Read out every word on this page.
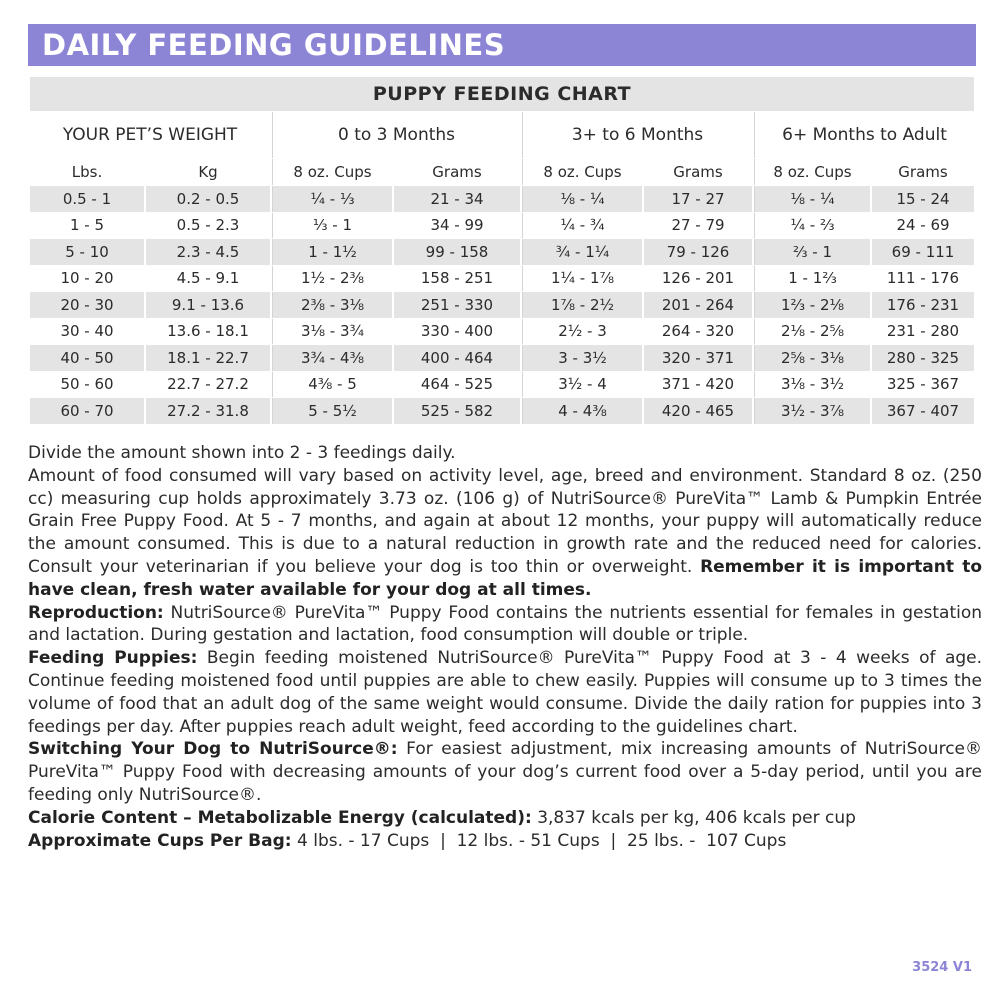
DAILY FEEDING GUIDELINES
PUPPY FEEDING CHART							
YOUR PET’S WEIGHT		0 to 3 Months		3+ to 6 Months		6+ Months to Adult	
Lbs.	Kg	8 oz. Cups	Grams	8 oz. Cups	Grams	8 oz. Cups	Grams
0.5 - 1	0.2 - 0.5	¼ - ⅓	21 - 34	⅛ - ¼	17 - 27	⅛ - ¼	15 - 24
1 - 5	0.5 - 2.3	⅓ - 1	34 - 99	¼ - ¾	27 - 79	¼ - ⅔	24 - 69
5 - 10	2.3 - 4.5	1 - 1½	99 - 158	¾ - 1¼	79 - 126	⅔ - 1	69 - 111
10 - 20	4.5 - 9.1	1½ - 2⅜	158 - 251	1¼ - 1⅞	126 - 201	1 - 1⅔	111 - 176
20 - 30	9.1 - 13.6	2⅜ - 3⅛	251 - 330	1⅞ - 2½	201 - 264	1⅔ - 2⅛	176 - 231
30 - 40	13.6 - 18.1	3⅛ - 3¾	330 - 400	2½ - 3	264 - 320	2⅛ - 2⅝	231 - 280
40 - 50	18.1 - 22.7	3¾ - 4⅜	400 - 464	3 - 3½	320 - 371	2⅝ - 3⅛	280 - 325
50 - 60	22.7 - 27.2	4⅜ - 5	464 - 525	3½ - 4	371 - 420	3⅛ - 3½	325 - 367
60 - 70	27.2 - 31.8	5 - 5½	525 - 582	4 - 4⅜	420 - 465	3½ - 3⅞	367 - 407

Divide the amount shown into 2 - 3 feedings daily.

Amount of food consumed will vary based on activity level, age, breed and environment. Standard 8 oz. (250 cc) measuring cup holds approximately 3.73 oz. (106 g) of NutriSource® PureVita™ Lamb & Pumpkin Entrée Grain Free Puppy Food. At 5 - 7 months, and again at about 12 months, your puppy will automatically reduce the amount consumed. This is due to a natural reduction in growth rate and the reduced need for calories. Consult your veterinarian if you believe your dog is too thin or overweight. Remember it is important to have clean, fresh water available for your dog at all times.

Reproduction: NutriSource® PureVita™ Puppy Food contains the nutrients essential for females in gestation and lactation. During gestation and lactation, food consumption will double or triple.

Feeding Puppies: Begin feeding moistened NutriSource® PureVita™ Puppy Food at 3 - 4 weeks of age. Continue feeding moistened food until puppies are able to chew easily. Puppies will consume up to 3 times the volume of food that an adult dog of the same weight would consume. Divide the daily ration for puppies into 3 feedings per day. After puppies reach adult weight, feed according to the guidelines chart.

Switching Your Dog to NutriSource®: For easiest adjustment, mix increasing amounts of NutriSource® PureVita™ Puppy Food with decreasing amounts of your dog’s current food over a 5-day period, until you are feeding only NutriSource®.

Calorie Content – Metabolizable Energy (calculated): 3,837 kcals per kg, 406 kcals per cup

Approximate Cups Per Bag: 4 lbs. - 17 Cups  |  12 lbs. - 51 Cups  |  25 lbs. -  107 Cups

3524 V1
